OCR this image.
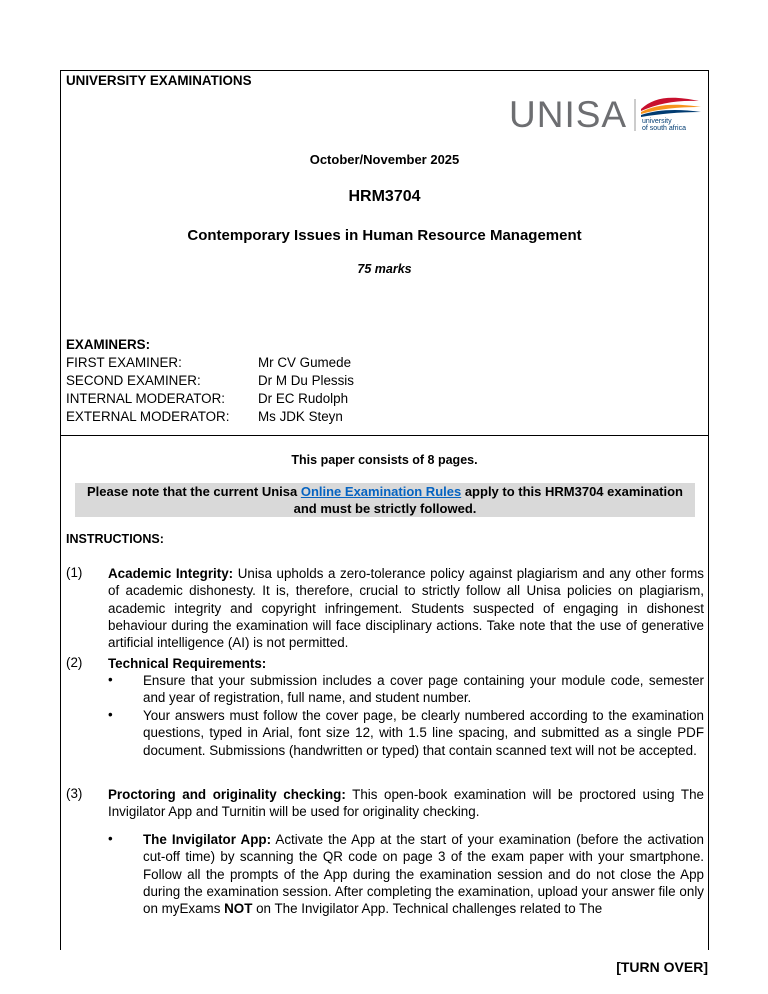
UNIVERSITY EXAMINATIONS
UNISA university
of south africa
October/November 2025
HRM3704
Contemporary Issues in Human Resource Management
75 marks
EXAMINERS:
FIRST EXAMINER:	Mr CV Gumede
SECOND EXAMINER:	Dr M Du Plessis
INTERNAL MODERATOR: Dr EC Rudolph
EXTERNAL MODERATOR: Ms JDK Steyn
This paper consists of 8 pages.
Please note that the current Unisa Online Examination Rules apply to this HRM3704 examination and must be strictly followed.
INSTRUCTIONS:
(1) Academic Integrity: Unisa upholds a zero-tolerance policy against plagiarism and any other forms of academic dishonesty. It is, therefore, crucial to strictly follow all Unisa policies on plagiarism, academic integrity and copyright infringement. Students suspected of engaging in dishonest behaviour during the examination will face disciplinary actions. Take note that the use of generative artificial intelligence (AI) is not permitted.
(2) Technical Requirements:
• Ensure that your submission includes a cover page containing your module code, semester and year of registration, full name, and student number.
• Your answers must follow the cover page, be clearly numbered according to the examination questions, typed in Arial, font size 12, with 1.5 line spacing, and submitted as a single PDF document. Submissions (handwritten or typed) that contain scanned text will not be accepted.
(3) Proctoring and originality checking: This open-book examination will be proctored using The Invigilator App and Turnitin will be used for originality checking.
• The Invigilator App: Activate the App at the start of your examination (before the activation cut-off time) by scanning the QR code on page 3 of the exam paper with your smartphone. Follow all the prompts of the App during the examination session and do not close the App during the examination session. After completing the examination, upload your answer file only on myExams NOT on The Invigilator App. Technical challenges related to The
[TURN OVER]
